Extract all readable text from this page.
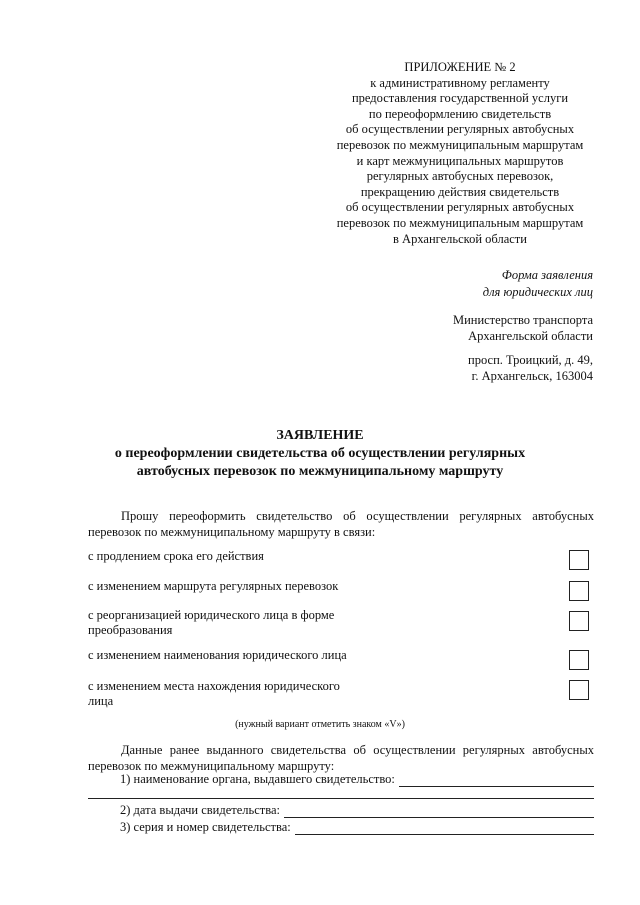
ПРИЛОЖЕНИЕ № 2
к административному регламенту
предоставления государственной услуги
по переоформлению свидетельств
об осуществлении регулярных автобусных
перевозок по межмуниципальным маршрутам
и карт межмуниципальных маршрутов
регулярных автобусных перевозок,
прекращению действия свидетельств
об осуществлении регулярных автобусных
перевозок по межмуниципальным маршрутам
в Архангельской области
Форма заявления
для юридических лиц
Министерство транспорта
Архангельской области
просп. Троицкий, д. 49,
г. Архангельск, 163004
ЗАЯВЛЕНИЕ
о переоформлении свидетельства об осуществлении регулярных
автобусных перевозок по межмуниципальному маршруту
Прошу переоформить свидетельство об осуществлении регулярных автобусных
перевозок по межмуниципальному маршруту в связи:
с продлением срока его действия
с изменением маршрута регулярных перевозок
с реорганизацией юридического лица в форме
преобразования
с изменением наименования юридического лица
с изменением места нахождения юридического
лица
(нужный вариант отметить знаком «V»)
Данные ранее выданного свидетельства об осуществлении регулярных автобусных
перевозок по межмуниципальному маршруту:
1) наименование органа, выдавшего свидетельство:
2) дата выдачи свидетельства:
3) серия и номер свидетельства:
